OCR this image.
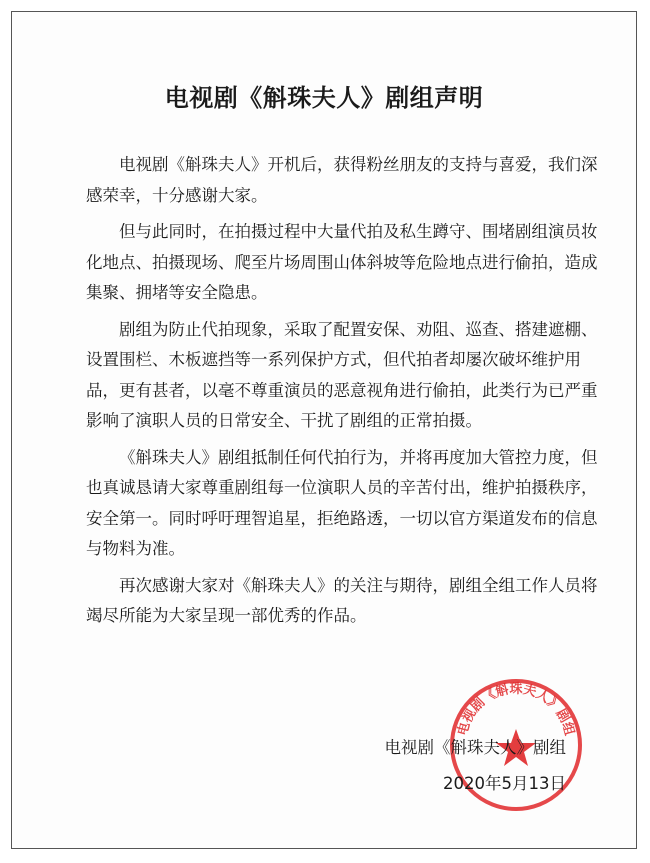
电视剧《斛珠夫人》剧组声明

电视剧《斛珠夫人》开机后，获得粉丝朋友的支持与喜爱，我们深感荣幸，十分感谢大家。

但与此同时，在拍摄过程中大量代拍及私生蹲守、围堵剧组演员妆化地点、拍摄现场、爬至片场周围山体斜坡等危险地点进行偷拍，造成集聚、拥堵等安全隐患。

剧组为防止代拍现象，采取了配置安保、劝阻、巡查、搭建遮棚、设置围栏、木板遮挡等一系列保护方式，但代拍者却屡次破坏维护用品，更有甚者，以毫不尊重演员的恶意视角进行偷拍，此类行为已严重影响了演职人员的日常安全、干扰了剧组的正常拍摄。

《斛珠夫人》剧组抵制任何代拍行为，并将再度加大管控力度，但也真诚恳请大家尊重剧组每一位演职人员的辛苦付出，维护拍摄秩序，安全第一。同时呼吁理智追星，拒绝路透，一切以官方渠道发布的信息与物料为准。

再次感谢大家对《斛珠夫人》的关注与期待，剧组全组工作人员将竭尽所能为大家呈现一部优秀的作品。

电视剧《斛珠夫人》剧组
电视剧《斛珠夫人》剧组
2020年5月13日
